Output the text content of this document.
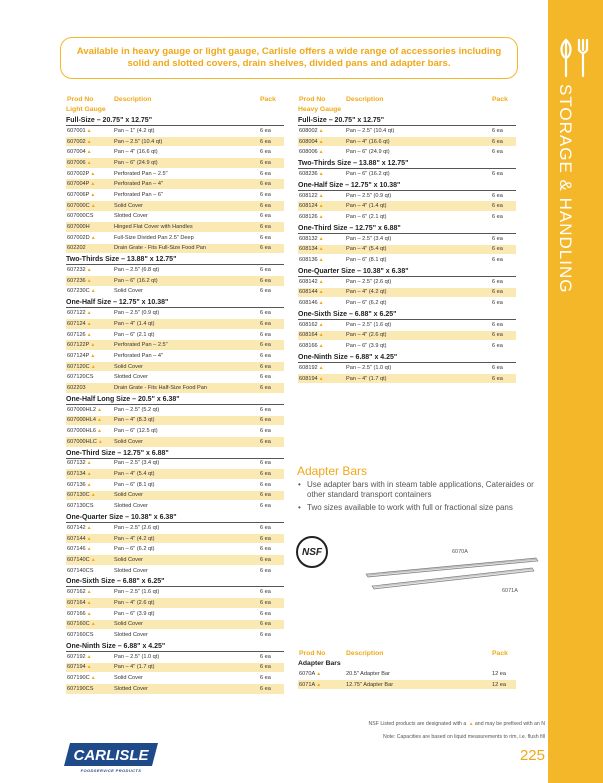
STORAGE & HANDLING
Available in heavy gauge or light gauge, Carlisle offers a wide range of accessories including solid and slotted covers, drain shelves, divided pans and adapter bars.
Prod No	Description	Pack
Light Gauge
Full-Size – 20.75" x 12.75"
607001▲	Pan – 1" (4.2 qt)	6 ea
607002▲	Pan – 2.5" (10.4 qt)	6 ea
607004▲	Pan – 4" (16.6 qt)	6 ea
607006▲	Pan – 6" (24.9 qt)	6 ea
607002P▲	Perforated Pan – 2.5"	6 ea
607004P▲	Perforated Pan – 4"	6 ea
607006P▲	Perforated Pan – 6"	6 ea
607000C▲	Solid Cover	6 ea
607000CS	Slotted Cover	6 ea
607000H	Hinged Flat Cover with Handles	6 ea
607002D▲	Full-Size Divided Pan 2.5" Deep	6 ea
602202	Drain Grate - Fits Full-Size Food Pan	6 ea
Two-Thirds Size – 13.88" x 12.75"
607232▲	Pan – 2.5" (6.8 qt)	6 ea
607236▲	Pan – 6" (16.2 qt)	6 ea
607230C▲	Solid Cover	6 ea
One-Half Size – 12.75" x 10.38"
607122▲	Pan – 2.5" (0.9 qt)	6 ea
607124▲	Pan – 4" (1.4 qt)	6 ea
607126▲	Pan – 6" (2.1 qt)	6 ea
607122P▲	Perforated Pan – 2.5"	6 ea
607124P▲	Perforated Pan – 4"	6 ea
607120C▲	Solid Cover	6 ea
607120CS	Slotted Cover	6 ea
602203	Drain Grate - Fits Half-Size Food Pan	6 ea
One-Half Long Size – 20.5" x 6.38"
607000HL2▲	Pan – 2.5" (5.2 qt)	6 ea
607000HL4▲	Pan – 4" (8.3 qt)	6 ea
607000HL6▲	Pan – 6" (12.5 qt)	6 ea
607000HLC▲	Solid Cover	6 ea
One-Third Size – 12.75" x 6.88"
607132▲	Pan – 2.5" (3.4 qt)	6 ea
607134▲	Pan – 4" (5.4 qt)	6 ea
607136▲	Pan – 6" (8.1 qt)	6 ea
607130C▲	Solid Cover	6 ea
607130CS	Slotted Cover	6 ea
One-Quarter Size – 10.38" x 6.38"
607142▲	Pan – 2.5" (2.6 qt)	6 ea
607144▲	Pan – 4" (4.2 qt)	6 ea
607146▲	Pan – 6" (6.2 qt)	6 ea
607140C▲	Solid Cover	6 ea
607140CS	Slotted Cover	6 ea
One-Sixth Size – 6.88" x 6.25"
607162▲	Pan – 2.5" (1.6 qt)	6 ea
607164▲	Pan – 4" (2.6 qt)	6 ea
607166▲	Pan – 6" (3.9 qt)	6 ea
607160C▲	Solid Cover	6 ea
607160CS	Slotted Cover	6 ea
One-Ninth Size – 6.88" x 4.25"
607192▲	Pan – 2.5" (1.0 qt)	6 ea
607194▲	Pan – 4" (1.7 qt)	6 ea
607190C▲	Solid Cover	6 ea
607190CS	Slotted Cover	6 ea
Prod No	Description	Pack
Heavy Gauge
Full-Size – 20.75" x 12.75"
608002▲	Pan – 2.5" (10.4 qt)	6 ea
608004▲	Pan – 4" (16.6 qt)	6 ea
608006▲	Pan – 6" (24.9 qt)	6 ea
Two-Thirds Size – 13.88" x 12.75"
608236▲	Pan – 6" (16.2 qt)	6 ea
One-Half Size – 12.75" x 10.38"
608122▲	Pan – 2.5" (0.9 qt)	6 ea
608124▲	Pan – 4" (1.4 qt)	6 ea
608126▲	Pan – 6" (2.1 qt)	6 ea
One-Third Size – 12.75" x 6.88"
608132▲	Pan – 2.5" (3.4 qt)	6 ea
608134▲	Pan – 4" (5.4 qt)	6 ea
608136▲	Pan – 6" (8.1 qt)	6 ea
One-Quarter Size – 10.38" x 6.38"
608142▲	Pan – 2.5" (2.6 qt)	6 ea
608144▲	Pan – 4" (4.2 qt)	6 ea
608146▲	Pan – 6" (6.2 qt)	6 ea
One-Sixth Size – 6.88" x 6.25"
608162▲	Pan – 2.5" (1.6 qt)	6 ea
608164▲	Pan – 4" (2.6 qt)	6 ea
608166▲	Pan – 6" (3.9 qt)	6 ea
One-Ninth Size – 6.88" x 4.25"
608192▲	Pan – 2.5" (1.0 qt)	6 ea
608194▲	Pan – 4" (1.7 qt)	6 ea
Adapter Bars
• Use adapter bars with in steam table applications, Cateraides or other standard transport containers
• Two sizes available to work with full or fractional size pans
NSF	6070A
6071A
Prod No	Description	Pack
Adapter Bars
6070A▲	20.5" Adapter Bar	12 ea
6071A▲	12.75" Adapter Bar	12 ea
NSF Listed products are designated with a ▲ and may be prefixed with an N
Note: Capacities are based on liquid measurements to rim, i.e. flush fill
CARLISLE
FOODSERVICE PRODUCTS
225
